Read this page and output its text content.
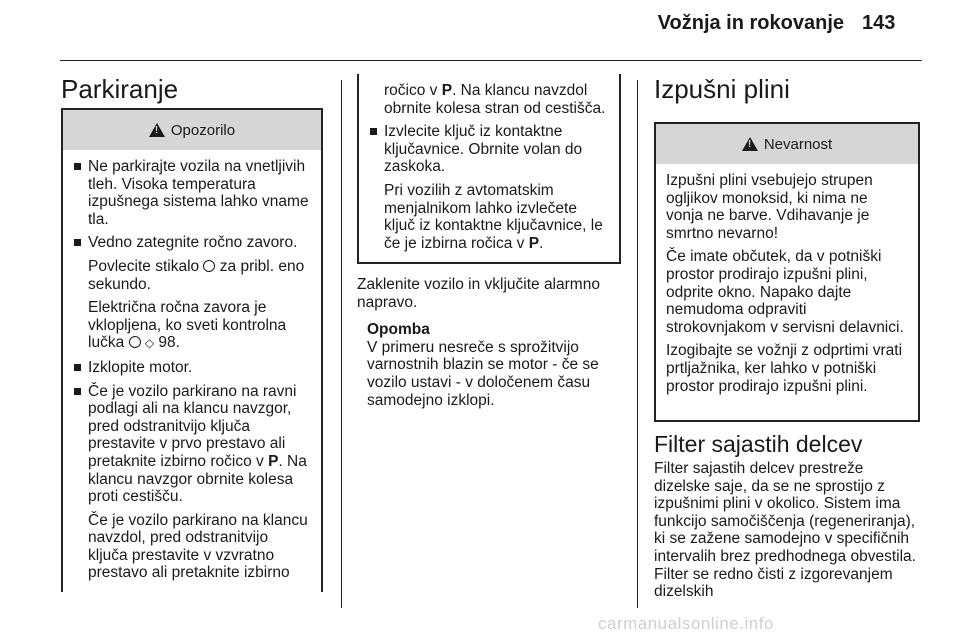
Vožnja in rokovanje 143
Parkiranje
!
Opozorilo

Ne parkirajte vozila na vnetljivih tleh. Visoka temperatura izpušnega sistema lahko vname tla.

Vedno zategnite ročno zavoro.

Povlecite stikalo za pribl. eno sekundo.

Električna ročna zavora je vklopljena, ko sveti kontrolna lučka ◇ 98.

Izklopite motor.

Če je vozilo parkirano na ravni podlagi ali na klancu navzgor, pred odstranitvijo ključa prestavite v prvo prestavo ali pretaknite izbirno ročico v P. Na klancu navzgor obrnite kolesa proti cestišču.

Če je vozilo parkirano na klancu navzdol, pred odstranitvijo ključa prestavite v vzvratno prestavo ali pretaknite izbirno

ročico v P. Na klancu navzdol obrnite kolesa stran od cestišča.

Izvlecite ključ iz kontaktne ključavnice. Obrnite volan do zaskoka.

Pri vozilih z avtomatskim menjalnikom lahko izvlečete ključ iz kontaktne ključavnice, le če je izbirna ročica v P.

Zaklenite vozilo in vključite alarmno napravo.

Opomba

V primeru nesreče s sprožitvijo varnostnih blazin se motor - če se vozilo ustavi - v določenem času samodejno izklopi.

Izpušni plini
!
Nevarnost

Izpušni plini vsebujejo strupen ogljikov monoksid, ki nima ne vonja ne barve. Vdihavanje je smrtno nevarno!

Če imate občutek, da v potniški prostor prodirajo izpušni plini, odprite okno. Napako dajte nemudoma odpraviti strokovnjakom v servisni delavnici.

Izogibajte se vožnji z odprtimi vrati prtljažnika, ker lahko v potniški prostor prodirajo izpušni plini.

Filter sajastih delcev

Filter sajastih delcev prestreže dizelske saje, da se ne sprostijo z izpušnimi plini v okolico. Sistem ima funkcijo samočiščenja (regeneriranja), ki se zažene samodejno v specifičnih intervalih brez predhodnega obvestila. Filter se redno čisti z izgorevanjem dizelskih

carmanualsonline.info
